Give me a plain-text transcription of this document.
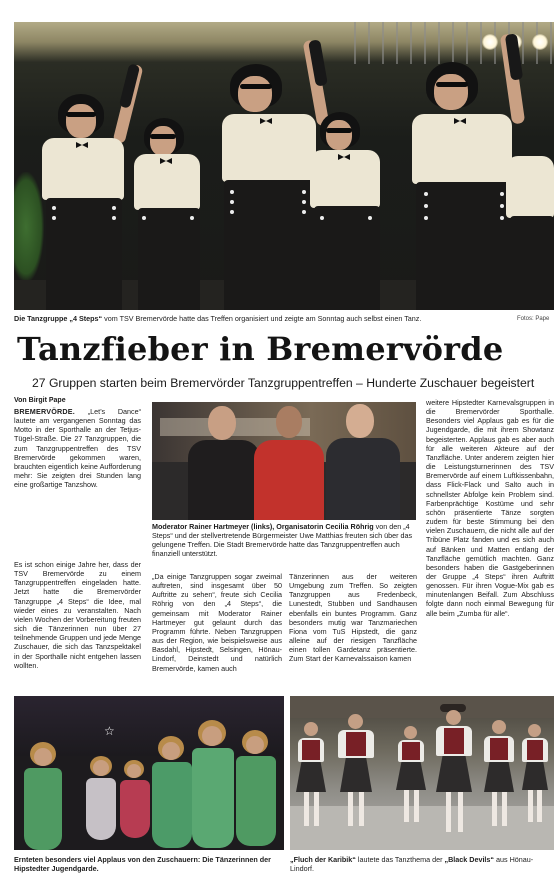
Die Tanzgruppe „4 Steps“ vom TSV Bremervörde hatte das Treffen organisiert und zeigte am Sonntag auch selbst einen Tanz.	Fotos: Pape
Tanzfieber in Bremervörde
27 Gruppen starten beim Bremervörder Tanzgruppentreffen – Hunderte Zuschauer begeistert
Von Birgit Pape

BREMERVÖRDE. „Let’s Dance“ lautete am vergangenen Sonntag das Motto in der Sporthalle an der Tetjus-Tügel-Straße. Die 27 Tanzgruppen, die zum Tanzgruppentreffen des TSV Bremervörde gekommen waren, brauchten eigentlich keine Aufforderung mehr: Sie zeigten drei Stunden lang eine großartige Tanzshow.

Es ist schon einige Jahre her, dass der TSV Bremervörde zu einem Tanzgruppentreffen eingeladen hatte. Jetzt hatte die Bremervörder Tanzgruppe „4 Steps“ die Idee, mal wieder eines zu veranstalten. Nach vielen Wochen der Vorbereitung freuten sich die Tänzerinnen nun über 27 teilnehmende Gruppen und jede Menge Zuschauer, die sich das Tanzspektakel in der Sporthalle nicht entgehen lassen wollten.

Moderator Rainer Hartmeyer (links), Organisatorin Cecilia Röhrig von den „4 Steps“ und der stellvertretende Bürgermeister Uwe Matthias freuten sich über das gelungene Treffen. Die Stadt Bremervörde hatte das Tanzgruppentreffen auch finanziell unterstützt.

„Da einige Tanzgruppen sogar zweimal auftreten, sind insgesamt über 50 Auftritte zu sehen“, freute sich Cecilia Röhrig von den „4 Steps“, die gemeinsam mit Moderator Rainer Hartmeyer gut gelaunt durch das Programm führte. Neben Tanzgruppen aus der Region, wie beispielsweise aus Basdahl, Hipstedt, Selsingen, Hönau-Lindorf, Deinstedt und natürlich Bremervörde, kamen auch

Tänzerinnen aus der weiteren Umgebung zum Treffen. So zeigten Tanzgruppen aus Fredenbeck, Lunestedt, Stubben und Sandhausen ebenfalls ein buntes Programm. Ganz besonders mutig war Tanzmariechen Fiona vom TuS Hipstedt, die ganz alleine auf der riesigen Tanzfläche einen tollen Gardetanz präsentierte. Zum Start der Karnevalssaison kamen

weitere Hipstedter Karnevalsgruppen in die Bremervörder Sporthalle. Besonders viel Applaus gab es für die Jugendgarde, die mit ihrem Showtanz begeisterten. Applaus gab es aber auch für alle weiteren Akteure auf der Tanzfläche. Unter anderem zeigten hier die Leistungsturnerinnen des TSV Bremervörde auf einem Luftkissenbahn, dass Flick-Flack und Salto auch in schnellster Abfolge kein Problem sind. Farbenprächtige Kostüme und sehr schön präsentierte Tänze sorgten zudem für beste Stimmung bei den vielen Zuschauern, die nicht alle auf der Tribüne Platz fanden und es sich auch auf Bänken und Matten entlang der Tanzfläche gemütlich machten. Ganz besonders haben die Gastgeberinnen der Gruppe „4 Steps“ ihren Auftritt genossen. Für ihren Vogue-Mix gab es minutenlangen Beifall. Zum Abschluss folgte dann noch einmal Bewegung für alle beim „Zumba für alle“.

☆
Ernteten besonders viel Applaus von den Zuschauern: Die Tänzerinnen der Hipstedter Jugendgarde.
„Fluch der Karibik“ lautete das Tanzthema der „Black Devils“ aus Hönau-Lindorf.
